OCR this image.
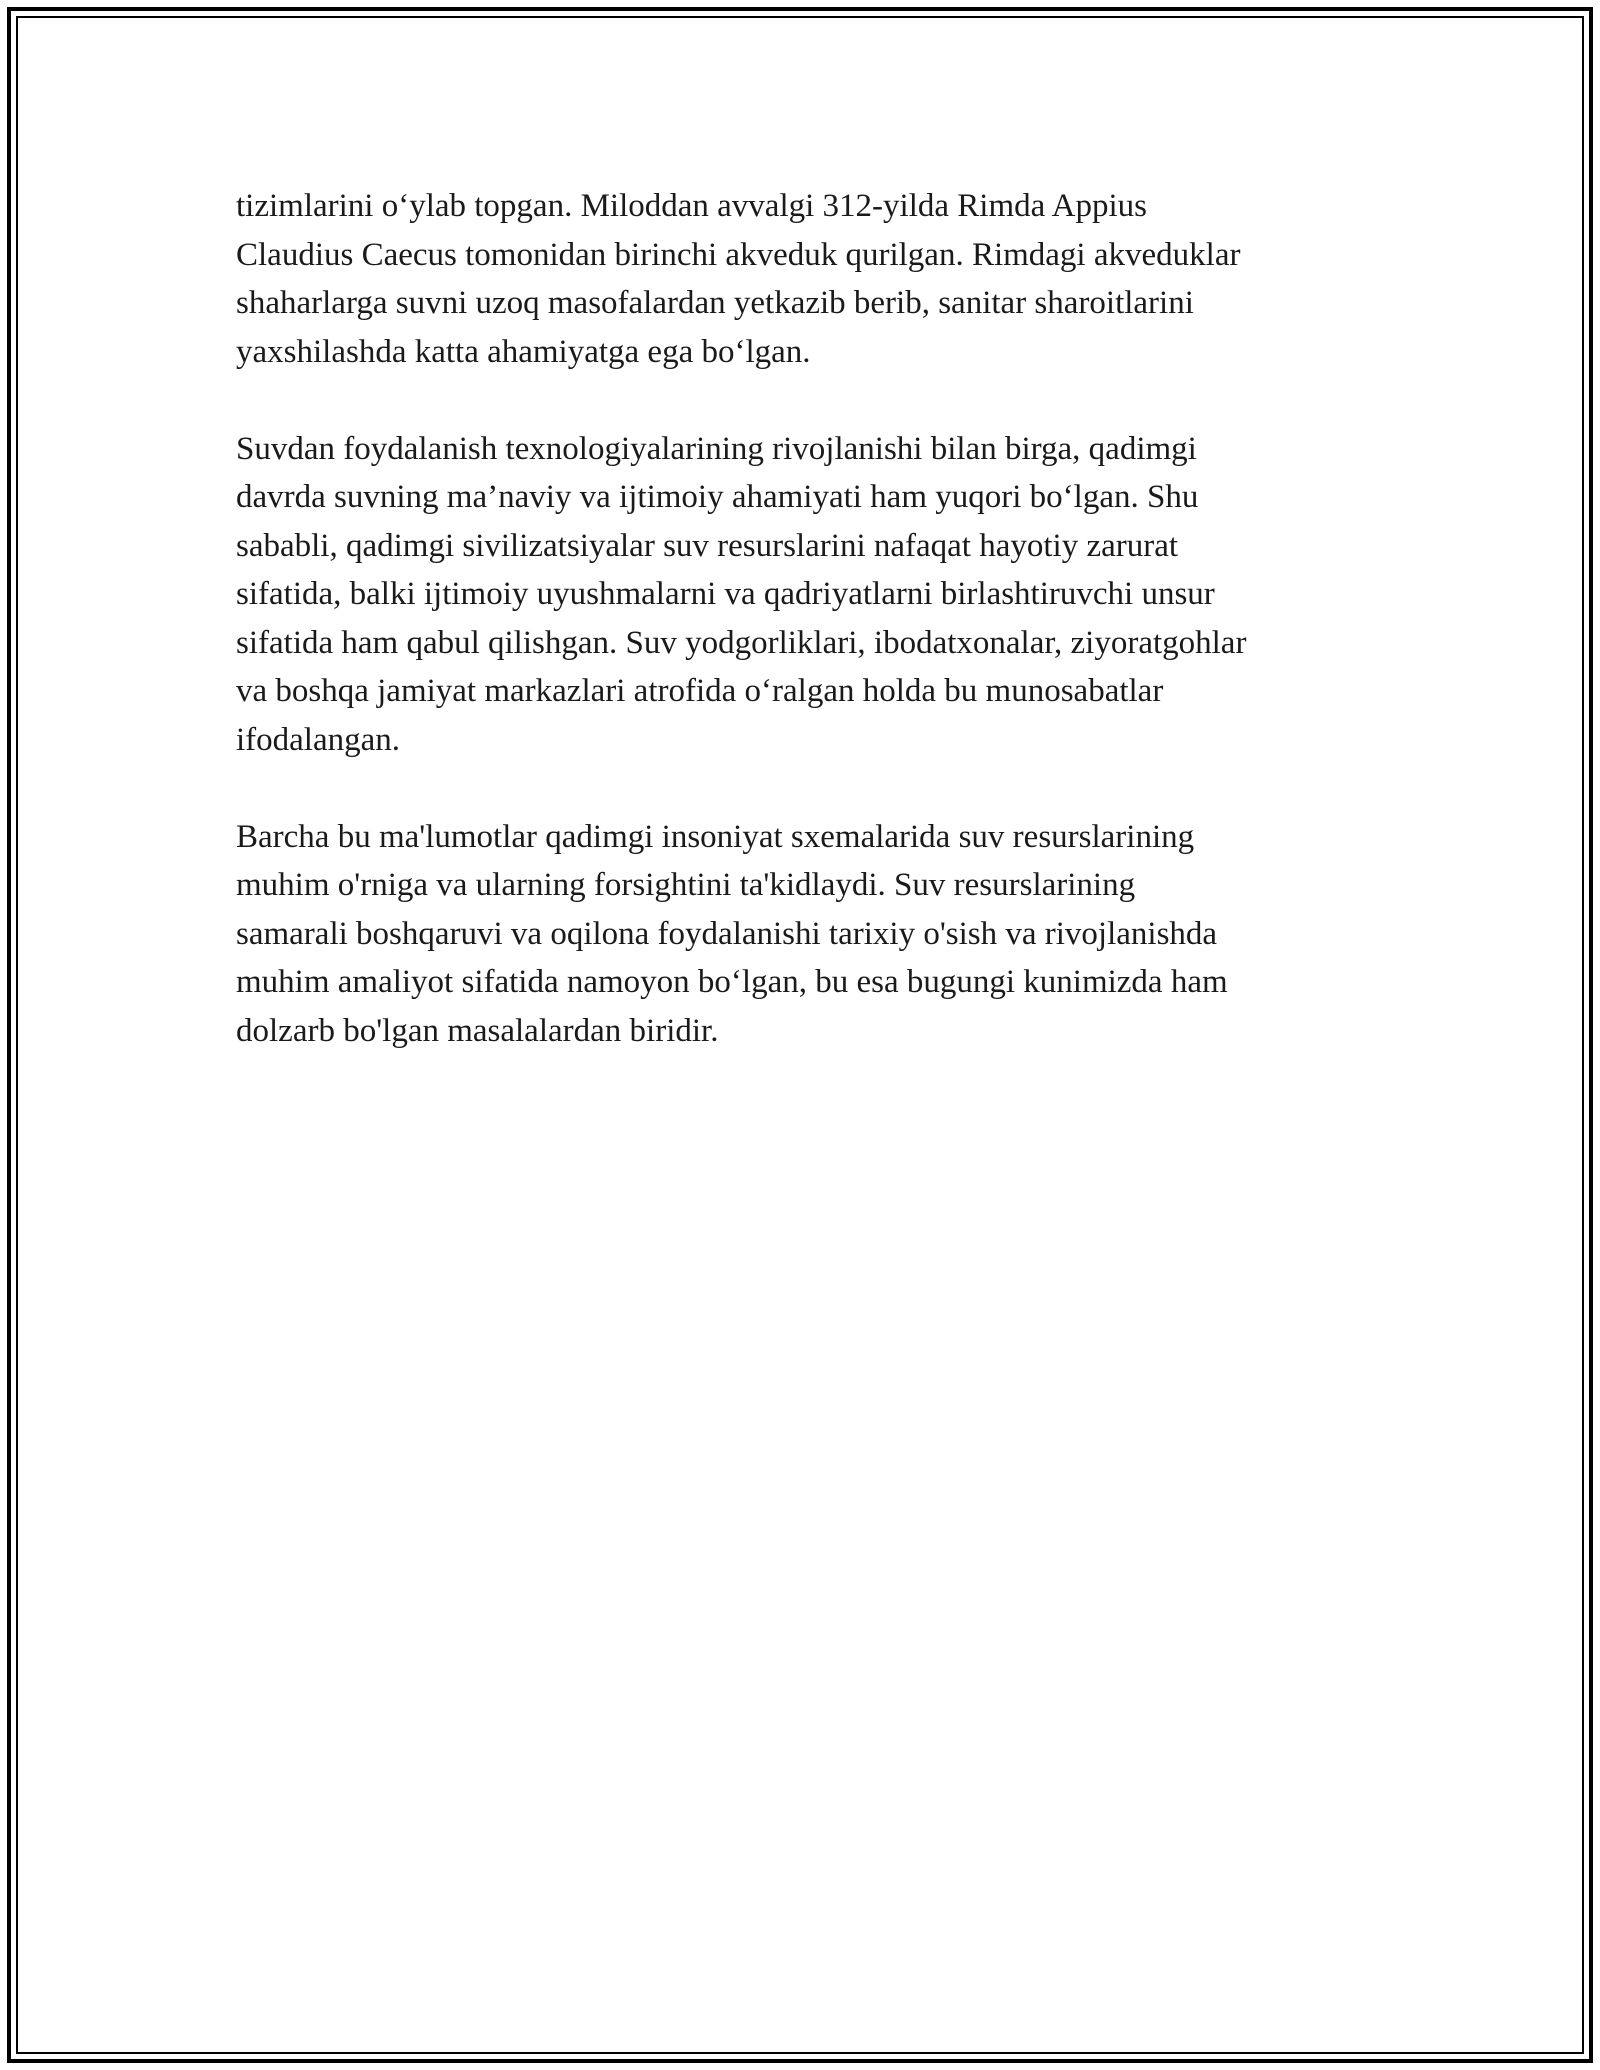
tizimlarini o‘ylab topgan. Miloddan avvalgi 312-yilda Rimda Appius
Claudius Caecus tomonidan birinchi akveduk qurilgan. Rimdagi akveduklar
shaharlarga suvni uzoq masofalardan yetkazib berib, sanitar sharoitlarini
yaxshilashda katta ahamiyatga ega bo‘lgan.

Suvdan foydalanish texnologiyalarining rivojlanishi bilan birga, qadimgi
davrda suvning ma’naviy va ijtimoiy ahamiyati ham yuqori bo‘lgan. Shu
sababli, qadimgi sivilizatsiyalar suv resurslarini nafaqat hayotiy zarurat
sifatida, balki ijtimoiy uyushmalarni va qadriyatlarni birlashtiruvchi unsur
sifatida ham qabul qilishgan. Suv yodgorliklari, ibodatxonalar, ziyoratgohlar
va boshqa jamiyat markazlari atrofida o‘ralgan holda bu munosabatlar
ifodalangan.

Barcha bu ma'lumotlar qadimgi insoniyat sxemalarida suv resurslarining
muhim o'rniga va ularning forsightini ta'kidlaydi. Suv resurslarining
samarali boshqaruvi va oqilona foydalanishi tarixiy o'sish va rivojlanishda
muhim amaliyot sifatida namoyon bo‘lgan, bu esa bugungi kunimizda ham
dolzarb bo'lgan masalalardan biridir.
